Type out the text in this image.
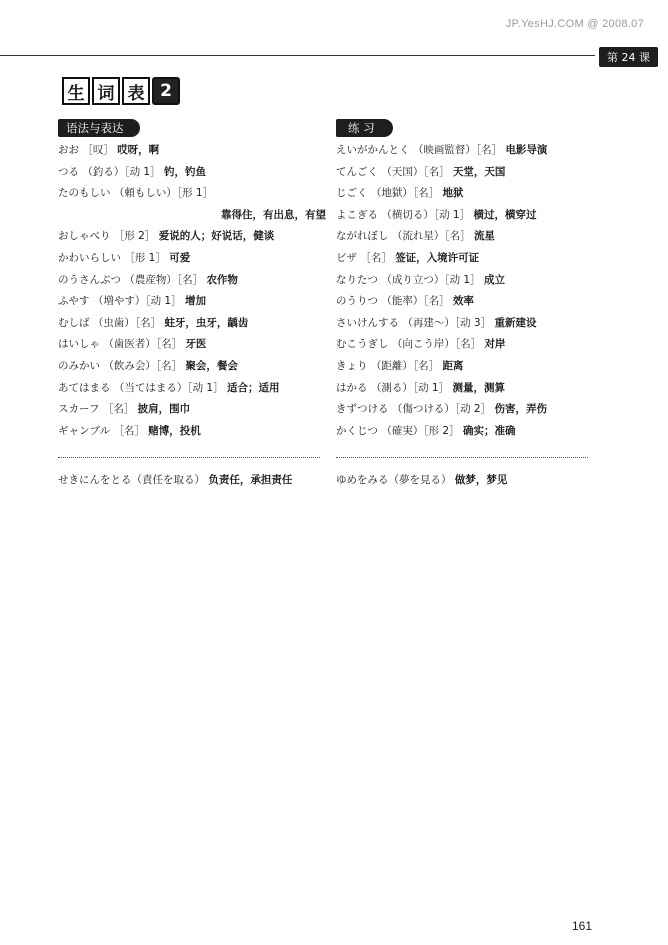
JP.YesHJ.COM @ 2008.07
第 24 课
生 词 表 2
语法与表达	练 习
おお ［叹］ 哎呀，啊
つる （釣る）［动 1］ 钓，钓鱼
たのもしい （頼もしい）［形 1］
靠得住，有出息，有望
おしゃべり ［形 2］ 爱说的人；好说话，健谈
かわいらしい ［形 1］ 可爱
のうさんぶつ （農産物）［名］ 农作物
ふやす （増やす）［动 1］ 增加
むしば （虫歯）［名］ 蛀牙，虫牙，龋齿
はいしゃ （歯医者）［名］ 牙医
のみかい （飲み会）［名］ 聚会，餐会
あてはまる （当てはまる）［动 1］ 适合；适用
スカーフ ［名］ 披肩，围巾
ギャンブル ［名］ 赌博，投机
えいがかんとく （映画監督）［名］ 电影导演
てんごく （天国）［名］ 天堂，天国
じごく （地獄）［名］ 地狱
よこぎる （横切る）［动 1］ 横过，横穿过
ながれぼし （流れ星）［名］ 流星
ビザ ［名］ 签证，入境许可证
なりたつ （成り立つ）［动 1］ 成立
のうりつ （能率）［名］ 效率
さいけんする （再建～）［动 3］ 重新建设
むこうぎし （向こう岸）［名］ 对岸
きょり （距離）［名］ 距离
はかる （測る）［动 1］ 测量，测算
きずつける （傷つける）［动 2］ 伤害，弄伤
かくじつ （確実）［形 2］ 确实；准确
せきにんをとる（責任を取る） 负责任，承担责任	ゆめをみる（夢を見る） 做梦，梦见
161
